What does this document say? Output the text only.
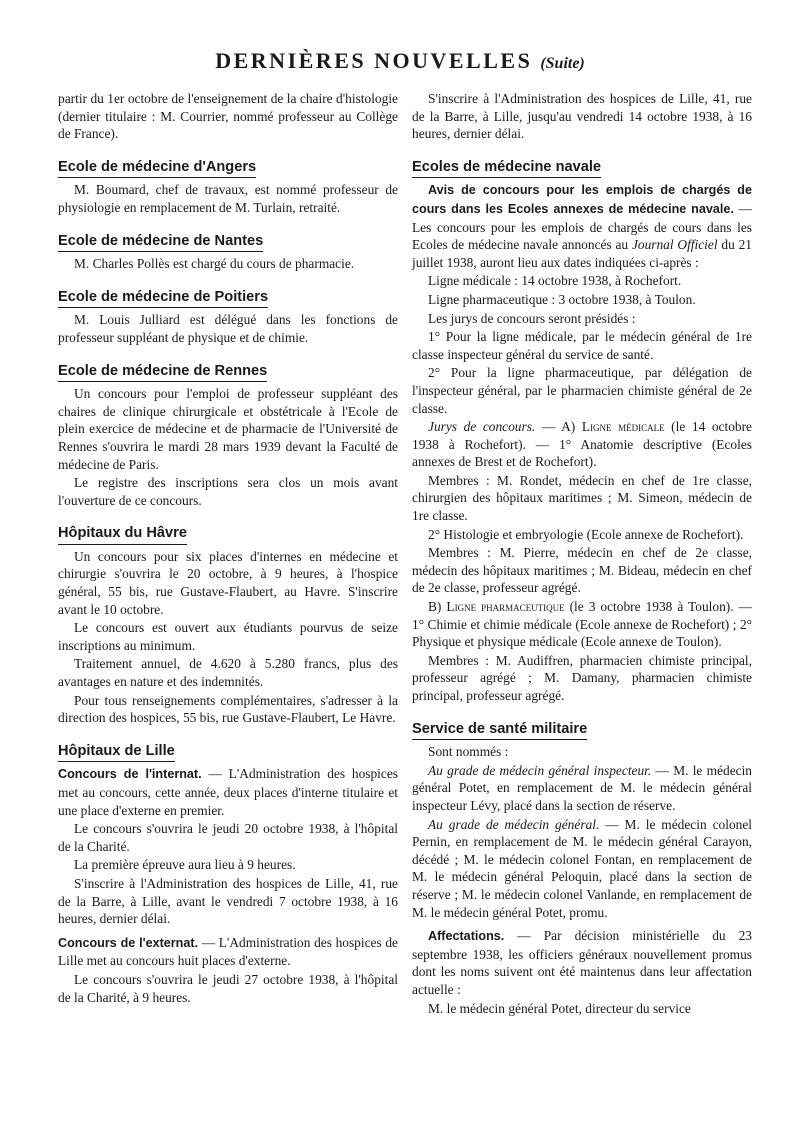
DERNIÈRES NOUVELLES (Suite)

partir du 1er octobre de l'enseignement de la chaire d'histologie (dernier titulaire : M. Courrier, nommé professeur au Collège de France).

Ecole de médecine d'Angers

M. Boumard, chef de travaux, est nommé professeur de physiologie en remplacement de M. Turlain, retraité.

Ecole de médecine de Nantes

M. Charles Pollès est chargé du cours de pharmacie.

Ecole de médecine de Poitiers

M. Louis Julliard est délégué dans les fonctions de professeur suppléant de physique et de chimie.

Ecole de médecine de Rennes

Un concours pour l'emploi de professeur suppléant des chaires de clinique chirurgicale et obstétricale à l'Ecole de plein exercice de médecine et de pharmacie de l'Université de Rennes s'ouvrira le mardi 28 mars 1939 devant la Faculté de médecine de Paris.

Le registre des inscriptions sera clos un mois avant l'ouverture de ce concours.

Hôpitaux du Hâvre

Un concours pour six places d'internes en médecine et chirurgie s'ouvrira le 20 octobre, à 9 heures, à l'hospice général, 55 bis, rue Gustave-Flaubert, au Havre. S'inscrire avant le 10 octobre.

Le concours est ouvert aux étudiants pourvus de seize inscriptions au minimum.

Traitement annuel, de 4.620 à 5.280 francs, plus des avantages en nature et des indemnités.

Pour tous renseignements complémentaires, s'adresser à la direction des hospices, 55 bis, rue Gustave-Flaubert, Le Havre.

Hôpitaux de Lille

Concours de l'internat. — L'Administration des hospices met au concours, cette année, deux places d'interne titulaire et une place d'externe en premier.

Le concours s'ouvrira le jeudi 20 octobre 1938, à l'hôpital de la Charité.

La première épreuve aura lieu à 9 heures.

S'inscrire à l'Administration des hospices de Lille, 41, rue de la Barre, à Lille, avant le vendredi 7 octobre 1938, à 16 heures, dernier délai.

Concours de l'externat. — L'Administration des hospices de Lille met au concours huit places d'externe.

Le concours s'ouvrira le jeudi 27 octobre 1938, à l'hôpital de la Charité, à 9 heures.

S'inscrire à l'Administration des hospices de Lille, 41, rue de la Barre, à Lille, jusqu'au vendredi 14 octobre 1938, à 16 heures, dernier délai.

Ecoles de médecine navale

Avis de concours pour les emplois de chargés de cours dans les Ecoles annexes de médecine navale. — Les concours pour les emplois de chargés de cours dans les Ecoles de médecine navale annoncés au Journal Officiel du 21 juillet 1938, auront lieu aux dates indiquées ci-après :

Ligne médicale : 14 octobre 1938, à Rochefort.

Ligne pharmaceutique : 3 octobre 1938, à Toulon.

Les jurys de concours seront présidés :

1° Pour la ligne médicale, par le médecin général de 1re classe inspecteur général du service de santé.

2° Pour la ligne pharmaceutique, par délégation de l'inspecteur général, par le pharmacien chimiste général de 2e classe.

Jurys de concours. — A) Ligne médicale (le 14 octobre 1938 à Rochefort). — 1° Anatomie descriptive (Ecoles annexes de Brest et de Rochefort).

Membres : M. Rondet, médecin en chef de 1re classe, chirurgien des hôpitaux maritimes ; M. Simeon, médecin de 1re classe.

2° Histologie et embryologie (Ecole annexe de Rochefort).

Membres : M. Pierre, médecin en chef de 2e classe, médecin des hôpitaux maritimes ; M. Bideau, médecin en chef de 2e classe, professeur agrégé.

B) Ligne pharmaceutique (le 3 octobre 1938 à Toulon). — 1° Chimie et chimie médicale (Ecole annexe de Rochefort) ; 2° Physique et physique médicale (Ecole annexe de Toulon).

Membres : M. Audiffren, pharmacien chimiste principal, professeur agrégé ; M. Damany, pharmacien chimiste principal, professeur agrégé.

Service de santé militaire

Sont nommés :

Au grade de médecin général inspecteur. — M. le médecin général Potet, en remplacement de M. le médecin général inspecteur Lévy, placé dans la section de réserve.

Au grade de médecin général. — M. le médecin colonel Pernin, en remplacement de M. le médecin général Carayon, décédé ; M. le médecin colonel Fontan, en remplacement de M. le médecin général Peloquin, placé dans la section de réserve ; M. le médecin colonel Vanlande, en remplacement de M. le médecin général Potet, promu.

Affectations. — Par décision ministérielle du 23 septembre 1938, les officiers généraux nouvellement promus dont les noms suivent ont été maintenus dans leur affectation actuelle :

M. le médecin général Potet, directeur du service
